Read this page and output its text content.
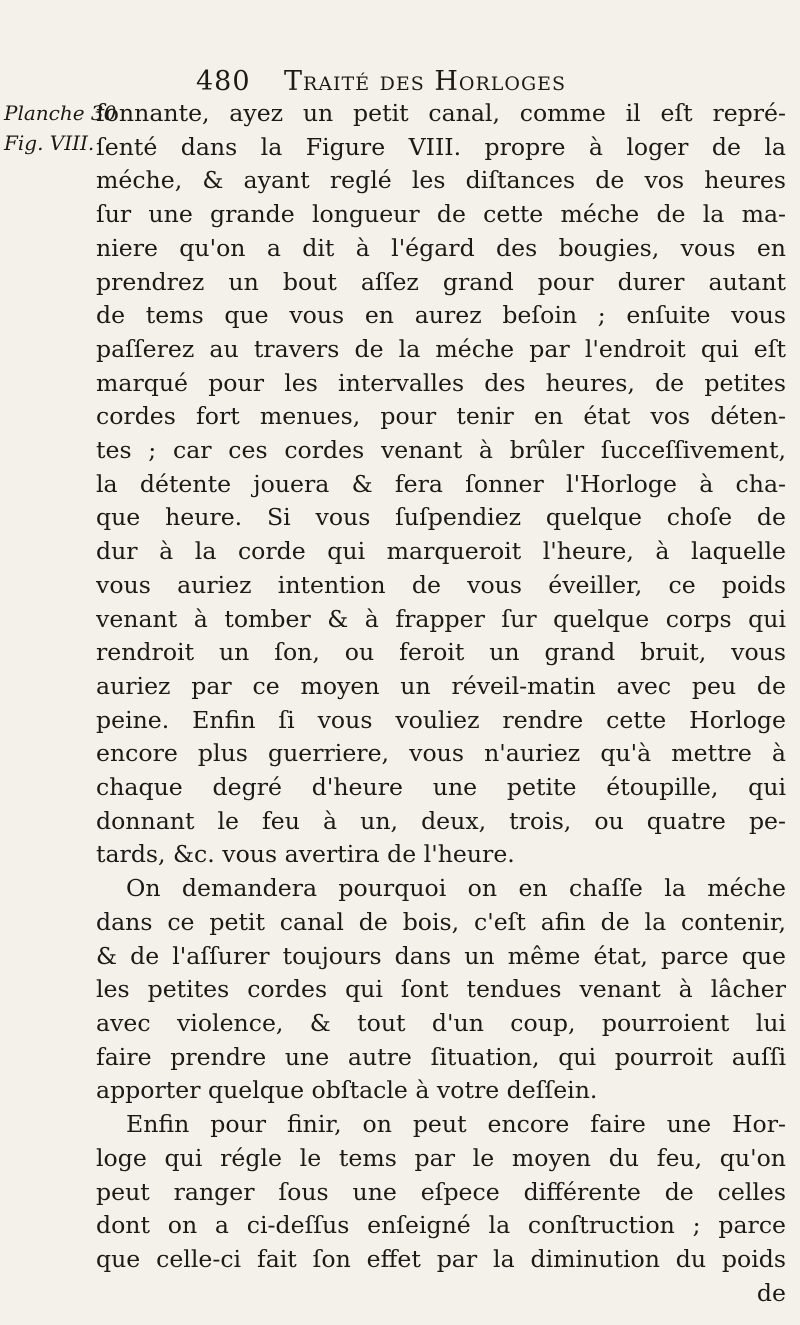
480 Traité des Horloges
Planche 30
Fig. VIII.
fonnante, ayez un petit canal, comme il eſt repré-
ſenté dans la Figure VIII. propre à loger de la
méche, & ayant reglé les diſtances de vos heures
ſur une grande longueur de cette méche de la ma-
niere qu'on a dit à l'égard des bougies, vous en
prendrez un bout aſſez grand pour durer autant
de tems que vous en aurez beſoin ; enſuite vous
paſſerez au travers de la méche par l'endroit qui eſt
marqué pour les intervalles des heures, de petites
cordes fort menues, pour tenir en état vos déten-
tes ; car ces cordes venant à brûler ſucceſſivement,
la détente jouera & fera ſonner l'Horloge à cha-
que heure. Si vous ſuſpendiez quelque choſe de
dur à la corde qui marqueroit l'heure, à laquelle
vous auriez intention de vous éveiller, ce poids
venant à tomber & à frapper ſur quelque corps qui
rendroit un ſon, ou feroit un grand bruit, vous
auriez par ce moyen un réveil-matin avec peu de
peine. Enfin ſi vous vouliez rendre cette Horloge
encore plus guerriere, vous n'auriez qu'à mettre à
chaque degré d'heure une petite étoupille, qui
donnant le feu à un, deux, trois, ou quatre pe-
tards, &c. vous avertira de l'heure.
On demandera pourquoi on en chaſſe la méche
dans ce petit canal de bois, c'eſt afin de la contenir,
& de l'aſſurer toujours dans un même état, parce que
les petites cordes qui ſont tendues venant à lâcher
avec violence, & tout d'un coup, pourroient lui
faire prendre une autre ſituation, qui pourroit auſſi
apporter quelque obſtacle à votre deſſein.
Enfin pour finir, on peut encore faire une Hor-
loge qui régle le tems par le moyen du feu, qu'on
peut ranger ſous une eſpece différente de celles
dont on a ci-deſſus enſeigné la conſtruction ; parce
que celle-ci fait ſon effet par la diminution du poids
de
